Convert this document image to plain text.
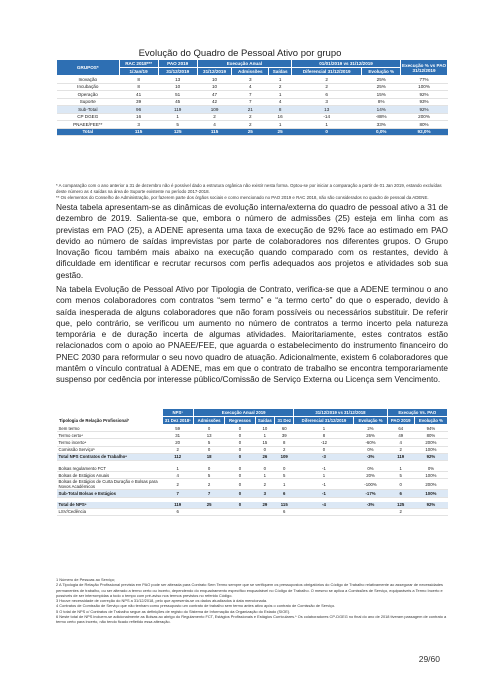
Evolução do Quadro de Pessoal Ativo por grupo
GRUPOS*	RAC 2018***	PAO 2019	Execução Anual			01/01/2019 vs 31/12/2019		Execução % vs PAO 31/12/2019
	1/Jan/19	31/12/2019	31/12/2019	Admissões	Saídas	Diferencial 31/12/2019	Evolução %	
Inovação	8	13	10	3	1	2	25%	77%
Incubação	8	10	10	4	2	2	25%	100%
Operação	41	51	47	7	1	6	15%	92%
Suporte	39	45	42	7	4	3	8%	93%
Sub-Total	96	119	109	21	8	13	14%	92%
CP DGEG	16	1	2	2	16	-14	-88%	200%
PNAEE/FEE**	3	5	4	2	1	1	33%	80%
Total	115	125	115	25	25	0	0,0%	92,0%
* A comparação com o ano anterior a 31 de dezembro não é possível dado a estrutura orgânica não existir nesta forma. Optou-se por iniciar a comparação a partir de 01 Jan 2019, estando excluídas deste número as 4 saídas na área de Suporte existente no período 2017-2018.
** Os elementos do Conselho de Administração, por fazerem parte dos órgãos sociais e como mencionado no PAO 2019 e RAC 2018, não são considerados no quadro de pessoal da ADENE.
Nesta tabela apresentam-se as dinâmicas de evolução interna/externa do quadro de pessoal ativo a 31 de dezembro de 2019. Salienta-se que, embora o número de admissões (25) esteja em linha com as previstas em PAO (25), a ADENE apresenta uma taxa de execução de 92% face ao estimado em PAO devido ao número de saídas imprevistas por parte de colaboradores nos diferentes grupos. O Grupo Inovação ficou também mais abaixo na execução quando comparado com os restantes, devido à dificuldade em identificar e recrutar recursos com perfis adequados aos projetos e atividades sob sua gestão.
Na tabela Evolução de Pessoal Ativo por Tipologia de Contrato, verifica-se que a ADENE terminou o ano com menos colaboradores com contratos “sem termo” e “a termo certo” do que o esperado, devido à saída inesperada de alguns colaboradores que não foram possíveis ou necessários substituir. De referir que, pelo contrário, se verificou um aumento no número de contratos a termo incerto pela natureza temporária e de duração incerta de algumas atividades. Maioritariamente, estes contratos estão relacionados com o apoio ao PNAEE/FEE, que aguarda o estabelecimento do instrumento financeiro do PNEC 2030 para reformular o seu novo quadro de atuação. Adicionalmente, existem 6 colaboradores que mantêm o vínculo contratual à ADENE, mas em que o contrato de trabalho se encontra temporariamente suspenso por cedência por interesse público/Comissão de Serviço Externa ou Licença sem Vencimento.
	NPS¹	Execução Anual 2019				31/12/2019 vs 31/12/2018		Execução Vs. PAO	
Tipologia de Relação Profissional²	31 Dez 2018³	Admissões	Regressos	Saídas	31 Dez	Diferencial 31/12/2019	Evolução %	PAO 2019	Evolução %
Sem termo	59	0	0	10	60	1	2%	64	94%
Termo certo⁴	31	13	0	1	39	8	26%	49	80%
Termo incerto⁴	20	5	0	15	8	-12	-60%	4	200%
Comissão Serviço⁵	2	0	0	0	2	0	0%	2	100%
Total NPS Contratos de Trabalho⁶	112	18	0	26	109	-3	-3%	119	92%

Bolsas regulamento FCT	1	0	0	0	0	-1	0%	1	0%
Bolsas de Estágios Anuais	4	5	0	1	5	1	20%	5	100%
Bolsas de Estágios de Curta Duração e Bolsas para Novos Académicos	2	2	0	2	1	-1	-100%	0	200%
Sub-Total Bolsas e Estágios	7	7	0	3	6	-1	-17%	6	100%

Total de NPS⁶	119	25	0	29	115	-4	-3%	125	92%
LSV/Cedência	6				6			2	
1 Número de Pessoas ao Serviço;
2 A Tipologia de Relação Profissional prevista em PAO pode ser alterada para Contrato Sem Termo sempre que se verifiquem os pressupostos obrigatórios do Código de Trabalho relativamente ao assegurar de necessidades permanentes de trabalho, ou ser alterado a termo certo ou incerto, dependendo do enquadramento específico enquadrável no Código de Trabalho. O mesmo se aplica a Comissões de Serviço, equiparáveis a Termo Incerto e possíveis de ser interrompidas a todo o tempo com pré-aviso nos termos previstos no referido Código.
3 Houve necessidade de correção do NPS a 31/12/2018, pelo que apresenta-se os dados atualizados à data mencionada.
4 Contratos de Comissão de Serviço que não tenham como pressuposto um contrato de trabalho sem termo antes ativo após o contrato de Comissão de Serviço.
5 O total de NPS c/ Contratos de Trabalho segue as definições de registo do Sistema de Informação da Organização do Estado (SIOE).
6 Neste total de NPS incluem-se adicionalmente as Bolsas ao abrigo do Regulamento FCT, Estágios Profissionais e Estágios Curriculares.* Os colaboradores CP-DGEG no final do ano de 2018 tiveram passagem de contrato a termo certo para incerto, não tendo ficado refletido essa alteração.
29/60
